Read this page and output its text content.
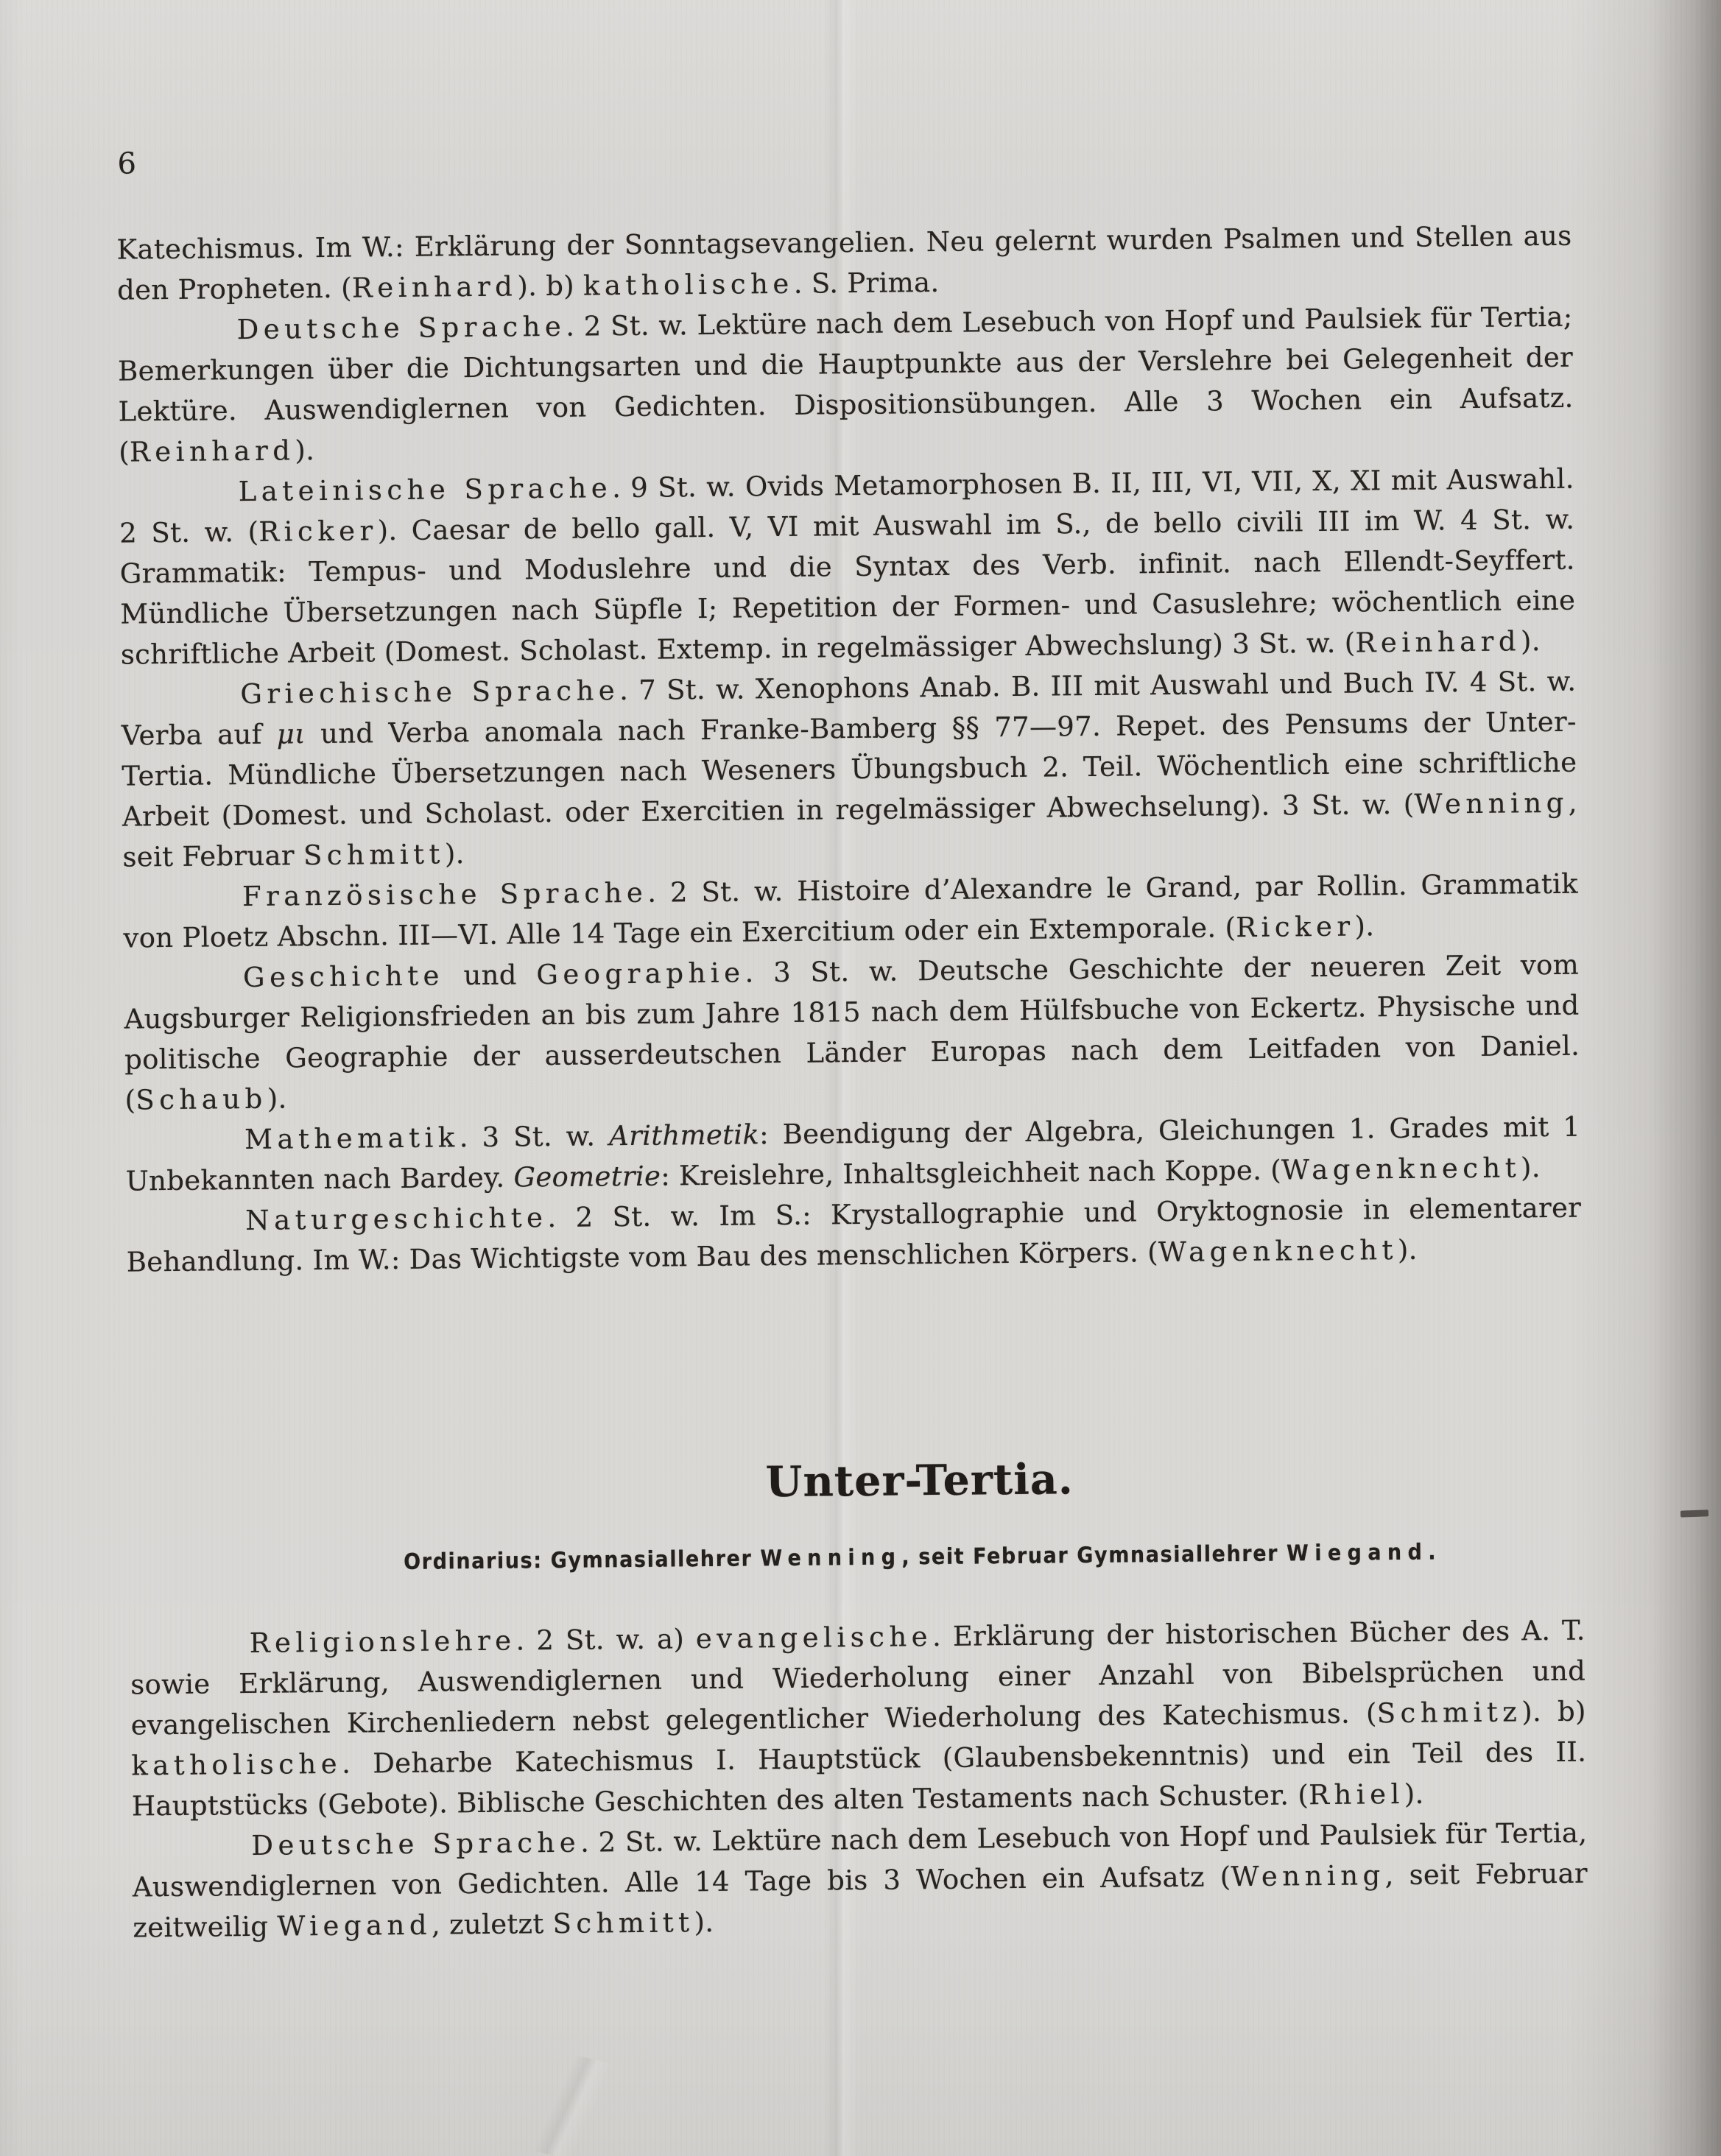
6

Katechismus. Im W.: Erklärung der Sonntagsevangelien. Neu gelernt wurden Psalmen und Stellen aus den Propheten. (Reinhard). b) katholische. S. Prima.

Deutsche Sprache. 2 St. w. Lektüre nach dem Lesebuch von Hopf und Paulsiek für Tertia; Bemerkungen über die Dichtungsarten und die Hauptpunkte aus der Verslehre bei Gelegenheit der Lektüre. Auswendiglernen von Gedichten. Dispositionsübungen. Alle 3 Wochen ein Aufsatz. (Reinhard).

Lateinische Sprache. 9 St. w. Ovids Metamorphosen B. II, III, VI, VII, X, XI mit Auswahl. 2 St. w. (Ricker). Caesar de bello gall. V, VI mit Auswahl im S., de bello civili III im W. 4 St. w. Grammatik: Tempus- und Moduslehre und die Syntax des Verb. infinit. nach Ellendt-Seyffert. Mündliche Übersetzungen nach Süpfle I; Repetition der Formen- und Casuslehre; wöchentlich eine schriftliche Arbeit (Domest. Scholast. Extemp. in regelmässiger Abwechslung) 3 St. w. (Reinhard).

Griechische Sprache. 7 St. w. Xenophons Anab. B. III mit Auswahl und Buch IV. 4 St. w. Verba auf μι und Verba anomala nach Franke-Bamberg §§ 77—97. Repet. des Pensums der Unter-Tertia. Mündliche Übersetzungen nach Weseners Übungsbuch 2. Teil. Wöchentlich eine schriftliche Arbeit (Domest. und Scholast. oder Exercitien in regelmässiger Abwechselung). 3 St. w. (Wenning, seit Februar Schmitt).

Französische Sprache. 2 St. w. Histoire d’Alexandre le Grand, par Rollin. Grammatik von Ploetz Abschn. III—VI. Alle 14 Tage ein Exercitium oder ein Extemporale. (Ricker).

Geschichte und Geographie. 3 St. w. Deutsche Geschichte der neueren Zeit vom Augsburger Religionsfrieden an bis zum Jahre 1815 nach dem Hülfsbuche von Eckertz. Physische und politische Geographie der ausserdeutschen Länder Europas nach dem Leitfaden von Daniel. (Schaub).

Mathematik. 3 St. w. Arithmetik: Beendigung der Algebra, Gleichungen 1. Grades mit 1 Unbekannten nach Bardey. Geometrie: Kreislehre, Inhaltsgleichheit nach Koppe. (Wagenknecht).

Naturgeschichte. 2 St. w. Im S.: Krystallographie und Oryktognosie in elementarer Behandlung. Im W.: Das Wichtigste vom Bau des menschlichen Körpers. (Wagenknecht).

Unter-Tertia.
Ordinarius: Gymnasiallehrer Wenning, seit Februar Gymnasiallehrer Wiegand.

Religionslehre. 2 St. w. a) evangelische. Erklärung der historischen Bücher des A. T. sowie Erklärung, Auswendiglernen und Wiederholung einer Anzahl von Bibelsprüchen und evangelischen Kirchenliedern nebst gelegentlicher Wiederholung des Katechismus. (Schmitz). b) katholische. Deharbe Katechismus I. Hauptstück (Glaubensbekenntnis) und ein Teil des II. Hauptstücks (Gebote). Biblische Geschichten des alten Testaments nach Schuster. (Rhiel).

Deutsche Sprache. 2 St. w. Lektüre nach dem Lesebuch von Hopf und Paulsiek für Tertia, Auswendiglernen von Gedichten. Alle 14 Tage bis 3 Wochen ein Aufsatz (Wenning, seit Februar zeitweilig Wiegand, zuletzt Schmitt).
